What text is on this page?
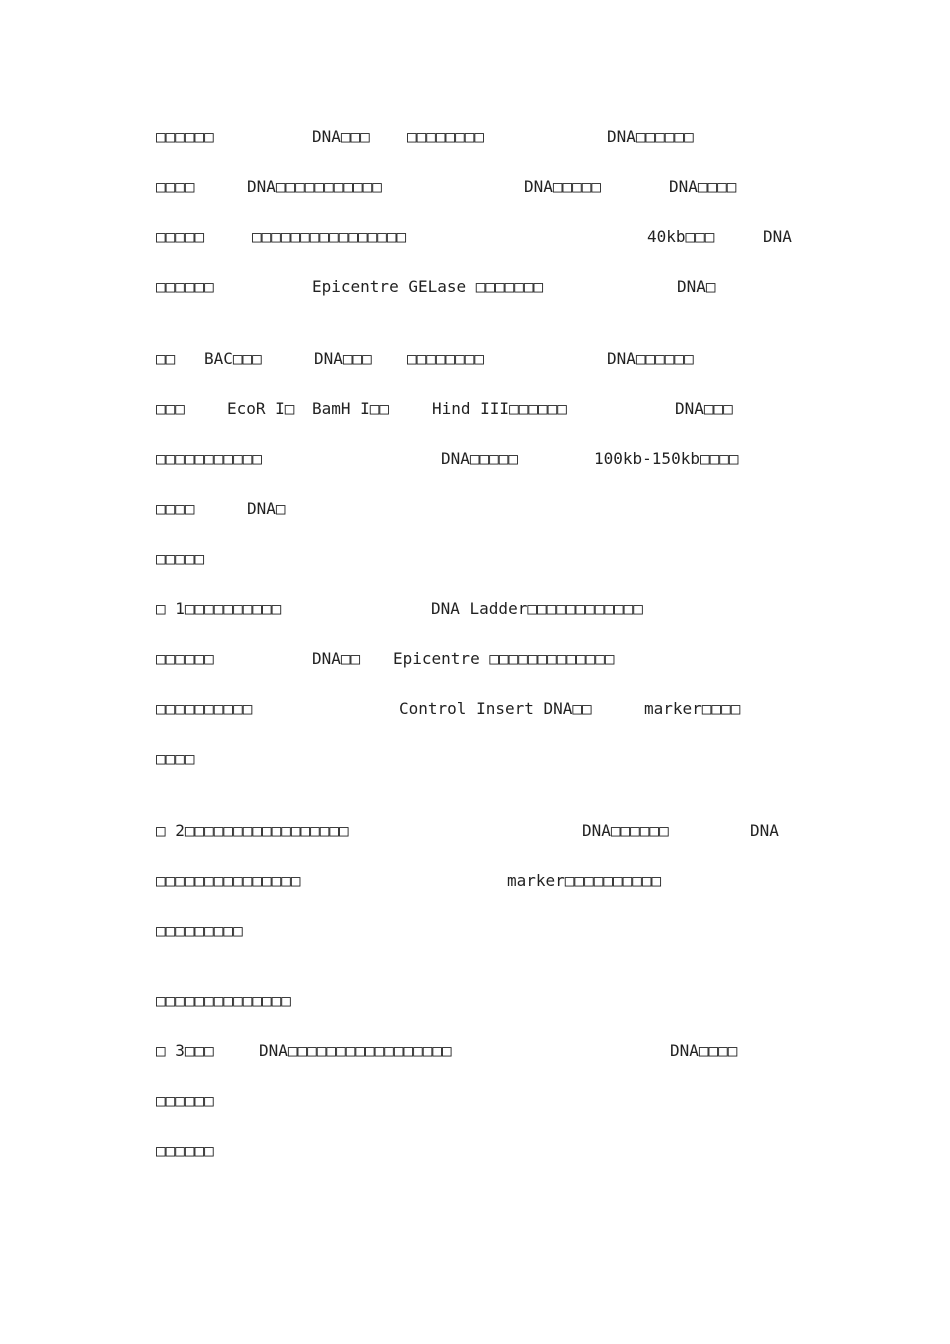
□□□□□□	DNA□□□ □□□□□□□□	DNA□□□□□□
□□□□	DNA□□□□□□□□□□□	DNA□□□□□	DNA□□□□
□□□□□	□□□□□□□□□□□□□□□□	40kb□□□	DNA
□□□□□□	Epicentre GELase □□□□□□□	DNA□
□□ BAC□□□	DNA□□□ □□□□□□□□	DNA□□□□□□
□□□	EcoR I□ BamH I□□	Hind III□□□□□□	DNA□□□
□□□□□□□□□□□	DNA□□□□□	100kb-150kb□□□□
□□□□	DNA□
□□□□□
□ 1□□□□□□□□□□	DNA Ladder□□□□□□□□□□□□
□□□□□□	DNA□□ Epicentre □□□□□□□□□□□□□
□□□□□□□□□□	Control Insert DNA□□	marker□□□□
□□□□
□ 2□□□□□□□□□□□□□□□□□	DNA□□□□□□	DNA
□□□□□□□□□□□□□□□	marker□□□□□□□□□□
□□□□□□□□□
□□□□□□□□□□□□□□
□ 3□□□	DNA□□□□□□□□□□□□□□□□□	DNA□□□□
□□□□□□
□□□□□□
